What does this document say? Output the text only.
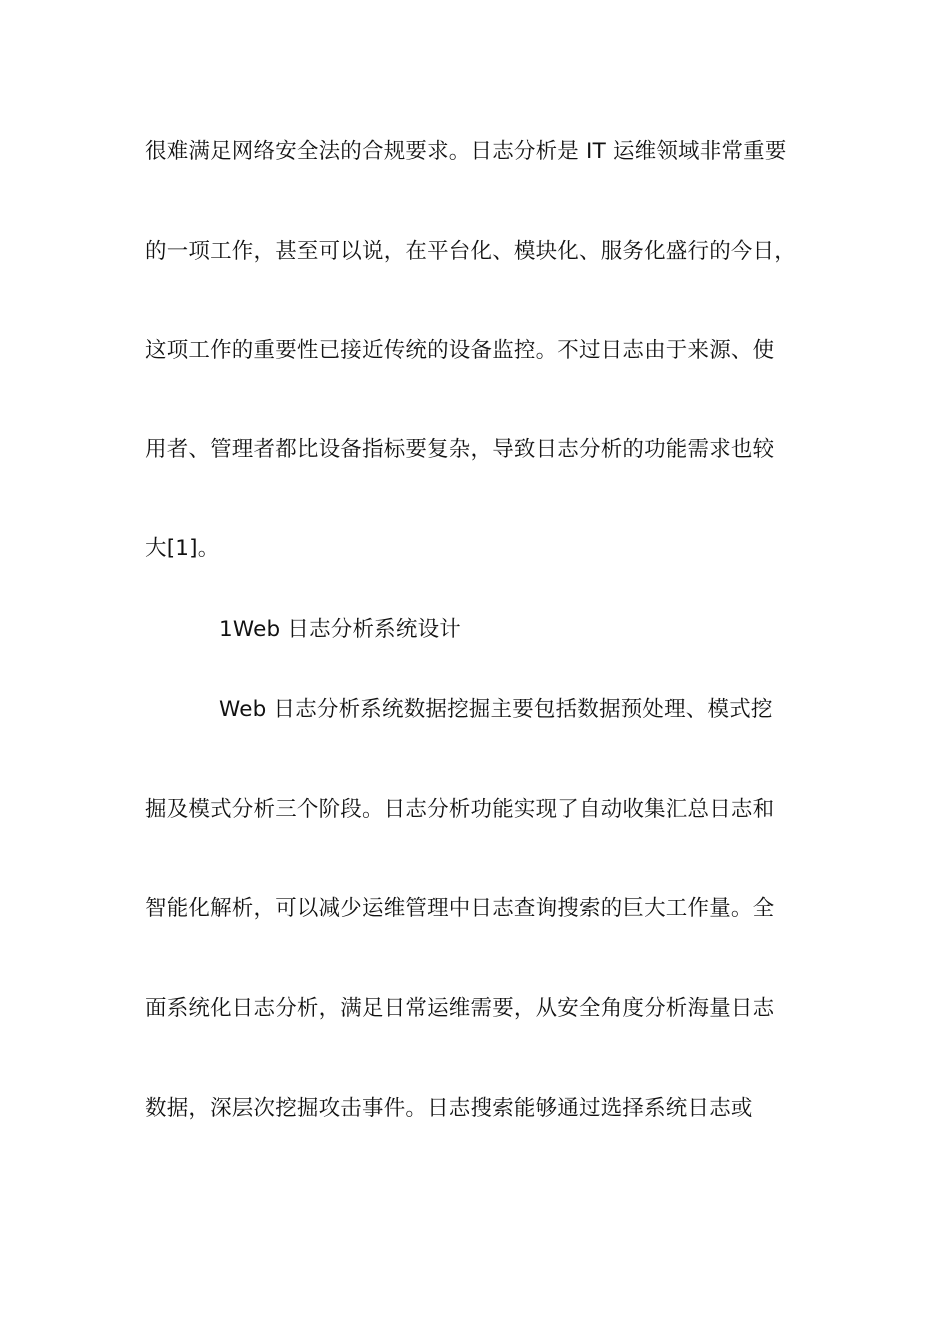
很难满足网络安全法的合规要求。日志分析是 IT 运维领域非常重要
的一项工作，甚至可以说，在平台化、模块化、服务化盛行的今日，
这项工作的重要性已接近传统的设备监控。不过日志由于来源、使
用者、管理者都比设备指标要复杂，导致日志分析的功能需求也较
大[1]。
1Web 日志分析系统设计
Web 日志分析系统数据挖掘主要包括数据预处理、模式挖
掘及模式分析三个阶段。日志分析功能实现了自动收集汇总日志和
智能化解析，可以减少运维管理中日志查询搜索的巨大工作量。全
面系统化日志分析，满足日常运维需要，从安全角度分析海量日志
数据，深层次挖掘攻击事件。日志搜索能够通过选择系统日志或
